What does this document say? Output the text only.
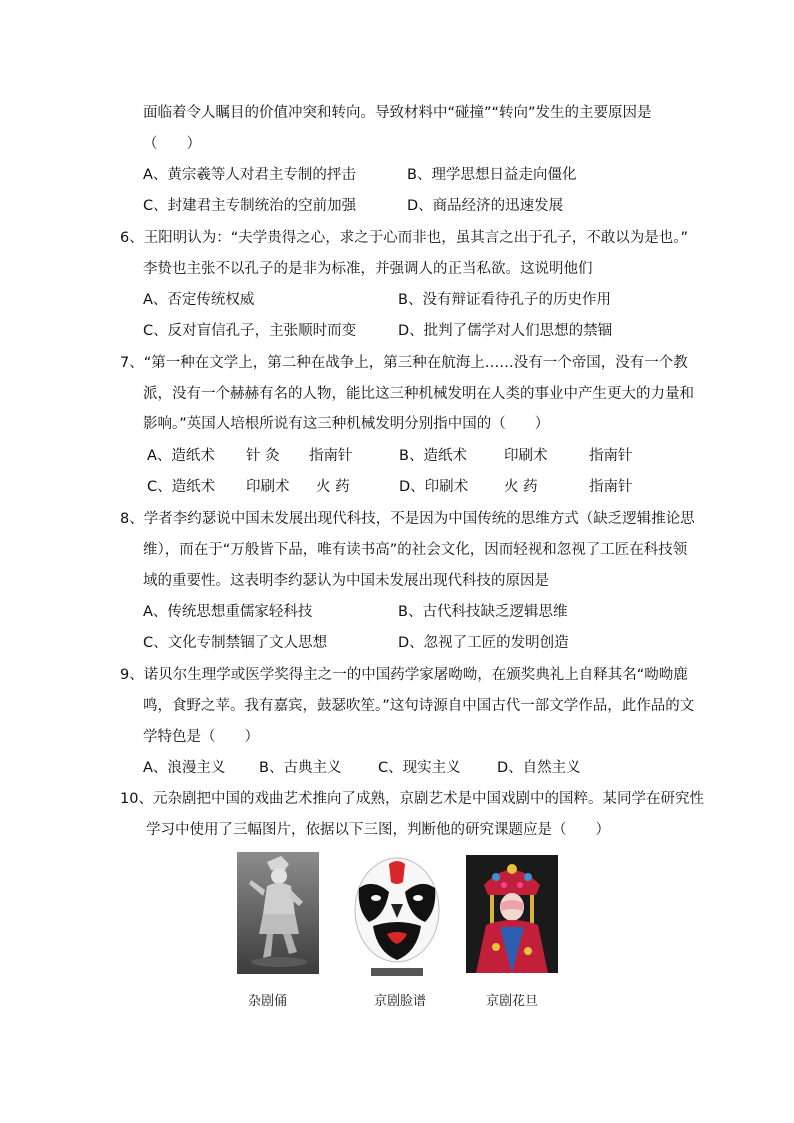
面临着令人瞩目的价值冲突和转向。导致材料中“碰撞”“转向”发生的主要原因是
（　　）
A、黄宗羲等人对君主专制的抨击	B、理学思想日益走向僵化
C、封建君主专制统治的空前加强	D、商品经济的迅速发展
6、王阳明认为：“夫学贵得之心，求之于心而非也，虽其言之出于孔子，不敢以为是也。”
李贽也主张不以孔子的是非为标准，并强调人的正当私欲。这说明他们
A、否定传统权威	B、没有辩证看待孔子的历史作用
C、反对盲信孔子，主张顺时而变	D、批判了儒学对人们思想的禁锢
7、“第一种在文学上，第二种在战争上，第三种在航海上……没有一个帝国，没有一个教
派，没有一个赫赫有名的人物，能比这三种机械发明在人类的事业中产生更大的力量和
影响。”英国人培根所说有这三种机械发明分别指中国的（　　）
A、造纸术 针 灸 指南针	B、造纸术	印刷术	指南针
C、造纸术 印刷术 火 药	D、印刷术 火 药	指南针
8、学者李约瑟说中国未发展出现代科技，不是因为中国传统的思维方式（缺乏逻辑推论思
维），而在于“万般皆下品，唯有读书高”的社会文化，因而轻视和忽视了工匠在科技领
域的重要性。这表明李约瑟认为中国未发展出现代科技的原因是
A、传统思想重儒家轻科技	B、古代科技缺乏逻辑思维
C、文化专制禁锢了文人思想	D、忽视了工匠的发明创造
9、诺贝尔生理学或医学奖得主之一的中国药学家屠呦呦，在颁奖典礼上自释其名“呦呦鹿
鸣，食野之苹。我有嘉宾，鼓瑟吹笙。”这句诗源自中国古代一部文学作品，此作品的文
学特色是（　　）
A、浪漫主义 B、古典主义	C、现实主义	D、自然主义
10、元杂剧把中国的戏曲艺术推向了成熟，京剧艺术是中国戏剧中的国粹。某同学在研究性
学习中使用了三幅图片，依据以下三图，判断他的研究课题应是（　　）
杂剧俑	京剧脸谱	京剧花旦
